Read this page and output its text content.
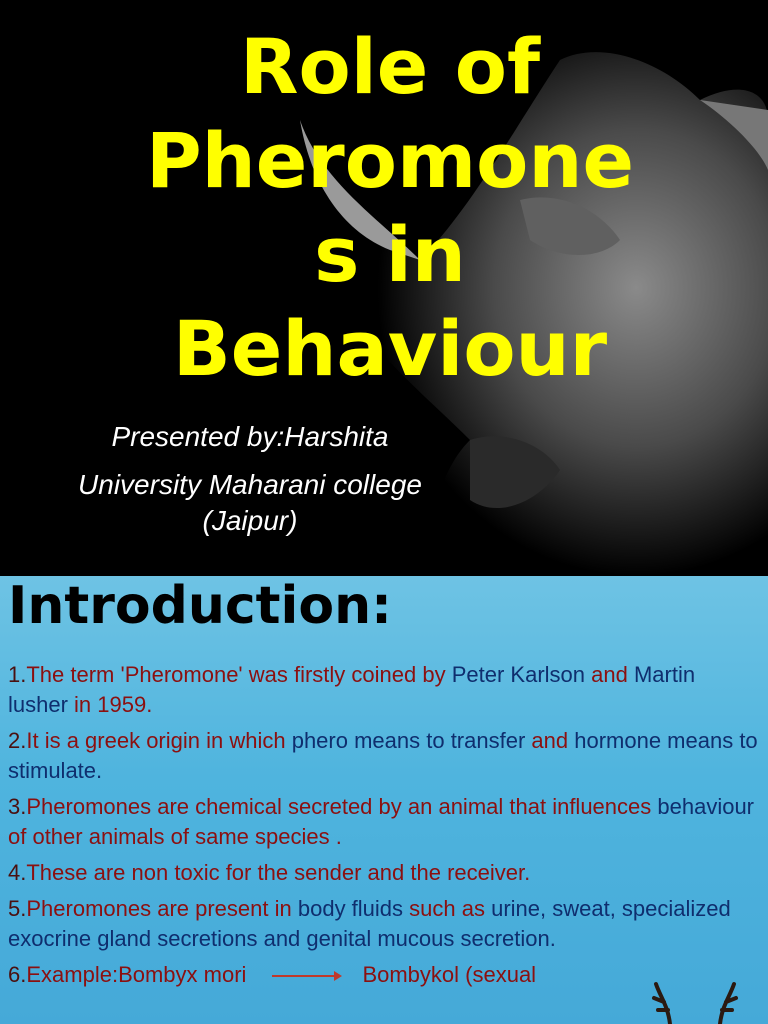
Role of
Pheromone
s in
Behaviour
Presented by:Harshita
University Maharani college
(Jaipur)
Introduction:

1.The term 'Pheromone' was firstly coined by Peter Karlson and Martin lusher in 1959.

2.It is a greek origin in which phero means to transfer and hormone means to stimulate.

3.Pheromones are chemical secreted by an animal that influences behaviour of other animals of same species .

4.These are non toxic for the sender and the receiver.

5.Pheromones are present in body fluids such as urine, sweat, specialized exocrine gland secretions and genital mucous secretion.

6.Example:Bombyx mori	Bombykol (sexual
